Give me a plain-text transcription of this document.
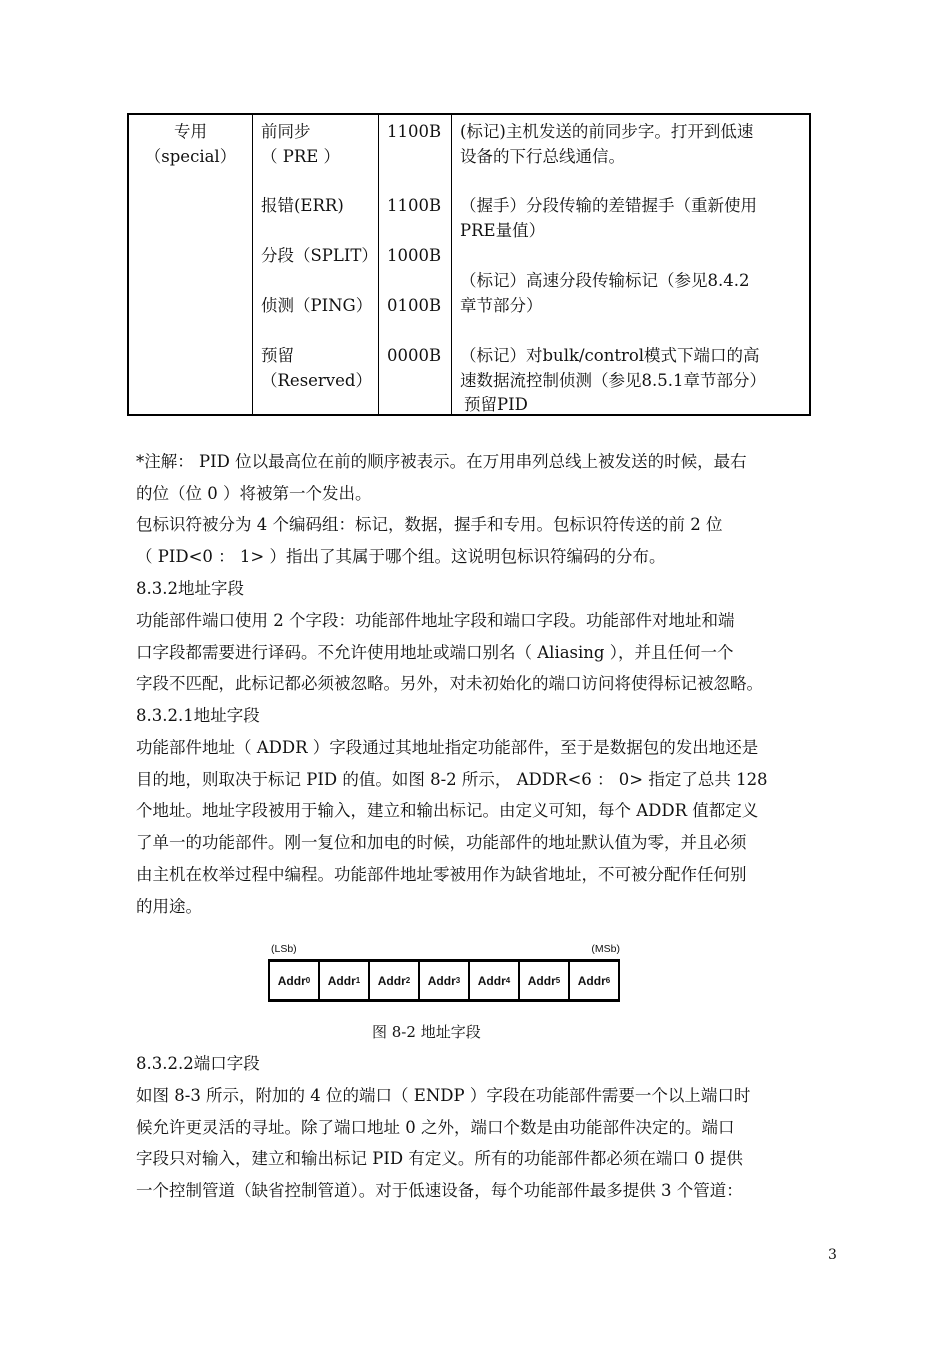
专用
（special）
前同步
（ PRE ）
报错(ERR)
分段（SPLIT）
侦测（PING）
预留
（Reserved）
1100B
1100B
1000B
0100B
0000B
(标记)主机发送的前同步字。打开到低速
设备的下行总线通信。
（握手）分段传输的差错握手（重新使用
PRE量值）
（标记）高速分段传输标记（参见8.4.2
章节部分）
（标记）对bulk/control模式下端口的高
速数据流控制侦测（参见8.5.1章节部分）
预留PID
*注解： PID 位以最高位在前的顺序被表示。在万用串列总线上被发送的时候，最右
的位（位 0 ）将被第一个发出。
包标识符被分为 4 个编码组：标记，数据，握手和专用。包标识符传送的前 2 位
（ PID<0 ： 1> ）指出了其属于哪个组。这说明包标识符编码的分布。
8.3.2地址字段
功能部件端口使用 2 个字段：功能部件地址字段和端口字段。功能部件对地址和端
口字段都需要进行译码。不允许使用地址或端口别名（ Aliasing ），并且任何一个
字段不匹配，此标记都必须被忽略。另外，对未初始化的端口访问将使得标记被忽略。
8.3.2.1地址字段
功能部件地址（ ADDR ）字段通过其地址指定功能部件，至于是数据包的发出地还是
目的地，则取决于标记 PID 的值。如图 8-2 所示， ADDR<6 ： 0> 指定了总共 128
个地址。地址字段被用于输入，建立和输出标记。由定义可知，每个 ADDR 值都定义
了单一的功能部件。刚一复位和加电的时候，功能部件的地址默认值为零，并且必须
由主机在枚举过程中编程。功能部件地址零被用作为缺省地址，不可被分配作任何别
的用途。
(LSb)	(MSb)
Addr 0 Addr 1 Addr 2 Addr 3 Addr 4 Addr 5 Addr 6
图 8-2 地址字段
8.3.2.2端口字段
如图 8-3 所示，附加的 4 位的端口（ ENDP ）字段在功能部件需要一个以上端口时
候允许更灵活的寻址。除了端口地址 0 之外，端口个数是由功能部件决定的。端口
字段只对输入，建立和输出标记 PID 有定义。所有的功能部件都必须在端口 0 提供
一个控制管道（缺省控制管道）。对于低速设备，每个功能部件最多提供 3 个管道：
3
